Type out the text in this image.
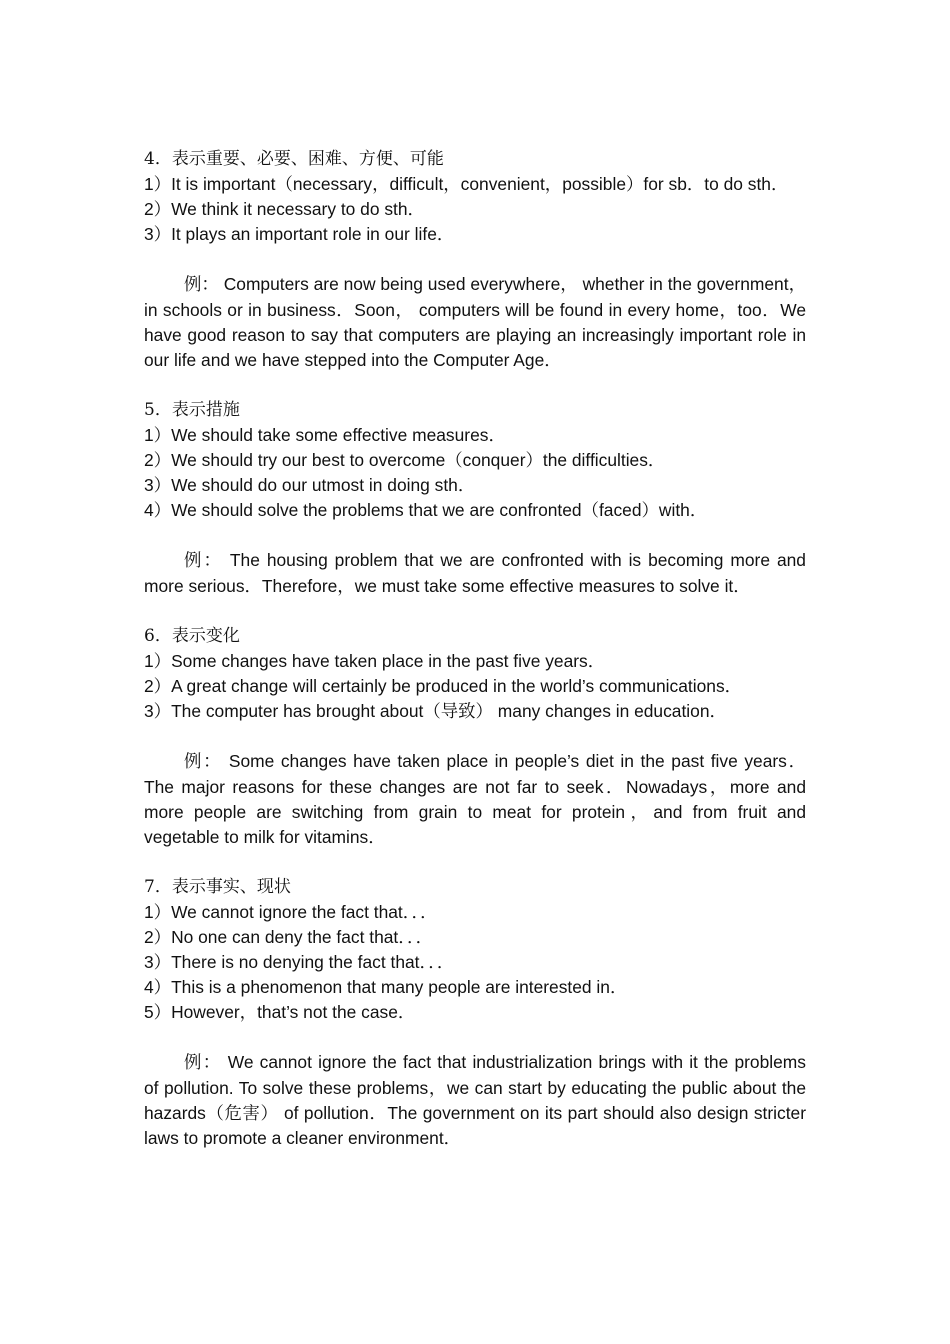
4．表示重要、必要、困难、方便、可能

1）It is important（necessary，difficult，convenient，possible）for sb．to do sth．

2）We think it necessary to do sth．

3）It plays an important role in our life．

例： Computers are now being used everywhere， whether in the government，in schools or in business．Soon， computers will be found in every home，too．We have good reason to say that computers are playing an increasingly important role in our life and we have stepped into the Computer Age．

5．表示措施

1）We should take some effective measures．

2）We should try our best to overcome（conquer）the difficulties．

3）We should do our utmost in doing sth．

4）We should solve the problems that we are confronted（faced）with．

例： The housing problem that we are confronted with is becoming more and more serious．Therefore，we must take some effective measures to solve it．

6．表示变化

1）Some changes have taken place in the past five years．

2）A great change will certainly be produced in the world’s communications．

3）The computer has brought about（导致） many changes in education．

例： Some changes have taken place in people’s diet in the past five years． The major reasons for these changes are not far to seek．Nowadays，more and more people are switching from grain to meat for protein，and from fruit and vegetable to milk for vitamins．

7．表示事实、现状

1）We cannot ignore the fact that．．．

2）No one can deny the fact that．．．

3）There is no denying the fact that．．．

4）This is a phenomenon that many people are interested in．

5）However，that’s not the case．

例： We cannot ignore the fact that industrialization brings with it the problems of pollution. To solve these problems，we can start by educating the public about the hazards（危害） of pollution．The government on its part should also design stricter laws to promote a cleaner environment．
